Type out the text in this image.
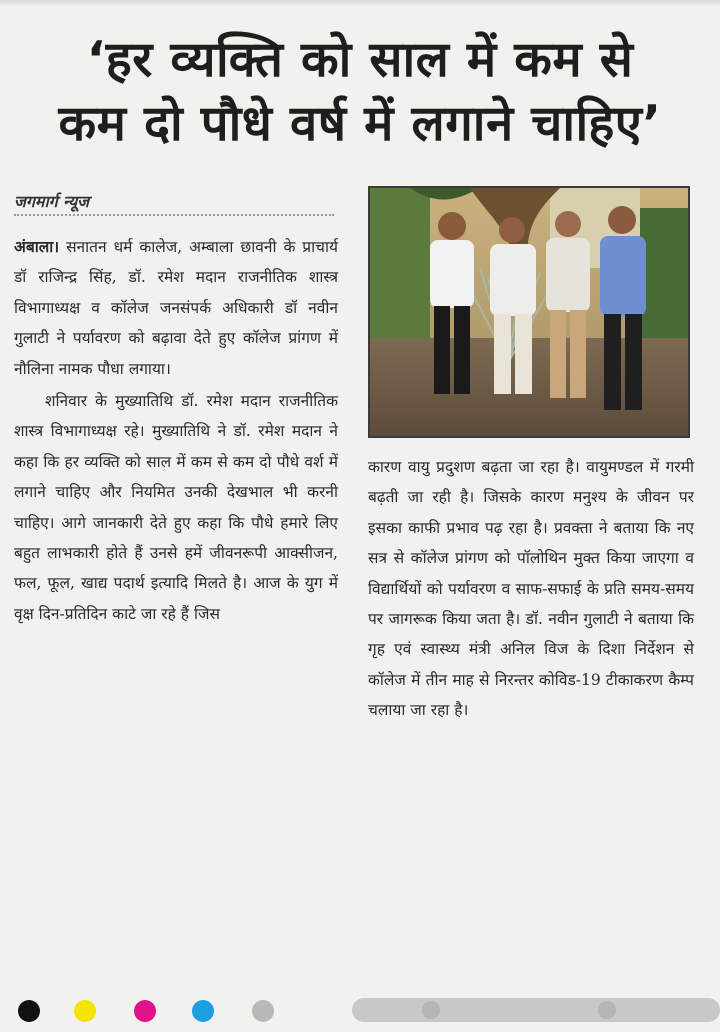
‘हर व्यक्ति को साल में कम से
कम दो पौधे वर्ष में लगाने चाहिए’
जगमार्ग न्यूज

अंबाला। सनातन धर्म कालेज, अम्बाला छावनी के प्राचार्य डॉ राजिन्द्र सिंह, डॉ. रमेश मदान राजनीतिक शास्त्र विभागाध्यक्ष व कॉलेज जनसंपर्क अधिकारी डॉ नवीन गुलाटी ने पर्यावरण को बढ़ावा देते हुए कॉलेज प्रांगण में नौलिना नामक पौधा लगाया।

शनिवार के मुख्यातिथि डॉ. रमेश मदान राजनीतिक शास्त्र विभागाध्यक्ष रहे। मुख्यातिथि ने डॉ. रमेश मदान ने कहा कि हर व्यक्ति को साल में कम से कम दो पौधे वर्श में लगाने चाहिए और नियमित उनकी देखभाल भी करनी चाहिए। आगे जानकारी देते हुए कहा कि पौधे हमारे लिए बहुत लाभकारी होते हैं उनसे हमें जीवनरूपी आक्सीजन, फल, फूल, खाद्य पदार्थ इत्यादि मिलते है। आज के युग में वृक्ष दिन-प्रतिदिन काटे जा रहे हैं जिस

कारण वायु प्रदुशण बढ़ता जा रहा है। वायुमण्डल में गरमी बढ़ती जा रही है। जिसके कारण मनुश्य के जीवन पर इसका काफी प्रभाव पढ़ रहा है। प्रवक्ता ने बताया कि नए सत्र से कॉलेज प्रांगण को पॉलोथिन मुक्त किया जाएगा व विद्यार्थियों को पर्यावरण व साफ-सफाई के प्रति समय-समय पर जागरूक किया जता है। डॉ. नवीन गुलाटी ने बताया कि गृह एवं स्वास्थ्य मंत्री अनिल विज के दिशा निर्देशन से कॉलेज में तीन माह से निरन्तर कोविड-19 टीकाकरण कैम्प चलाया जा रहा है।
